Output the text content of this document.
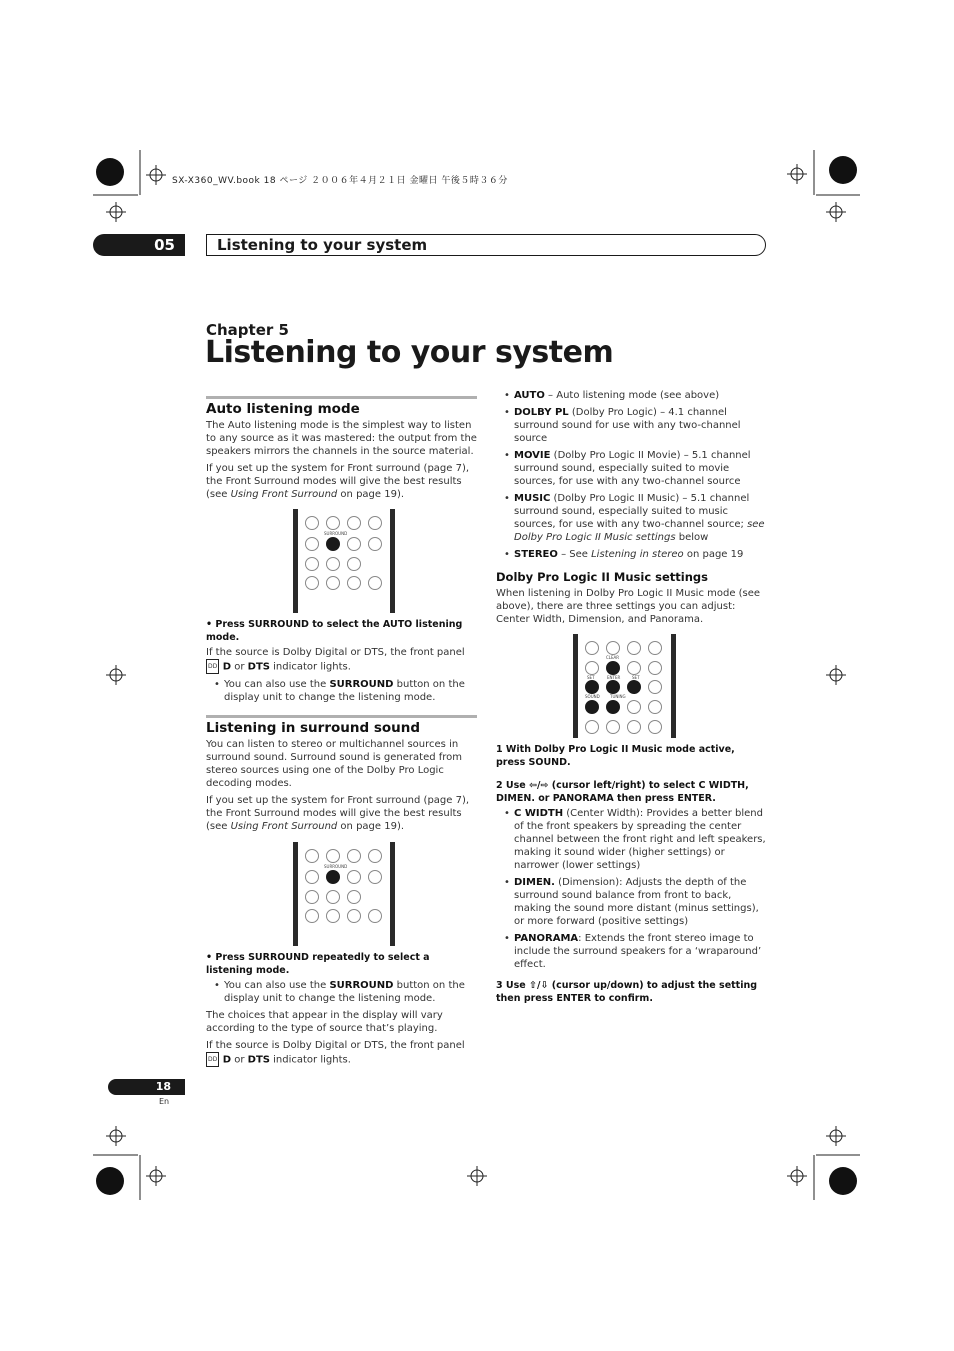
SX-X360_WV.book 18 ページ ２００６年４月２１日 金曜日 午後５時３６分
05	Listening to your system
Chapter 5
Listening to your system
Auto listening mode

The Auto listening mode is the simplest way to listen to any source as it was mastered: the output from the speakers mirrors the channels in the source material.

If you set up the system for Front surround (page 7), the Front Surround modes will give the best results (see Using Front Surround on page 19).

SURROUND
• Press SURROUND to select the AUTO listening mode.

If the source is Dolby Digital or DTS, the front panel DD D or DTS indicator lights.

• You can also use the SURROUND button on the display unit to change the listening mode.
Listening in surround sound

You can listen to stereo or multichannel sources in surround sound. Surround sound is generated from stereo sources using one of the Dolby Pro Logic decoding modes.

If you set up the system for Front surround (page 7), the Front Surround modes will give the best results (see Using Front Surround on page 19).

SURROUND
• Press SURROUND repeatedly to select a listening mode.
• You can also use the SURROUND button on the display unit to change the listening mode.

The choices that appear in the display will vary according to the type of source that’s playing.

If the source is Dolby Digital or DTS, the front panel DD D or DTS indicator lights.

• AUTO – Auto listening mode (see above)
• DOLBY PL (Dolby Pro Logic) – 4.1 channel surround sound for use with any two-channel source
• MOVIE (Dolby Pro Logic II Movie) – 5.1 channel surround sound, especially suited to movie sources, for use with any two-channel source
• MUSIC (Dolby Pro Logic II Music) – 5.1 channel surround sound, especially suited to music sources, for use with any two-channel source; see Dolby Pro Logic II Music settings below
• STEREO – See Listening in stereo on page 19
Dolby Pro Logic II Music settings

When listening in Dolby Pro Logic II Music mode (see above), there are three settings you can adjust: Center Width, Dimension, and Panorama.

CLEAR
SET	ENTER	SET
SOUND	TUNING
1 With Dolby Pro Logic II Music mode active, press SOUND.
2 Use ⇦/⇨ (cursor left/right) to select C WIDTH, DIMEN. or PANORAMA then press ENTER.
• C WIDTH (Center Width): Provides a better blend of the front speakers by spreading the center channel between the front right and left speakers, making it sound wider (higher settings) or narrower (lower settings)
• DIMEN. (Dimension): Adjusts the depth of the surround sound balance from front to back, making the sound more distant (minus settings), or more forward (positive settings)
• PANORAMA: Extends the front stereo image to include the surround speakers for a ‘wraparound’ effect.
3 Use ⇧/⇩ (cursor up/down) to adjust the setting then press ENTER to confirm.
18
En
